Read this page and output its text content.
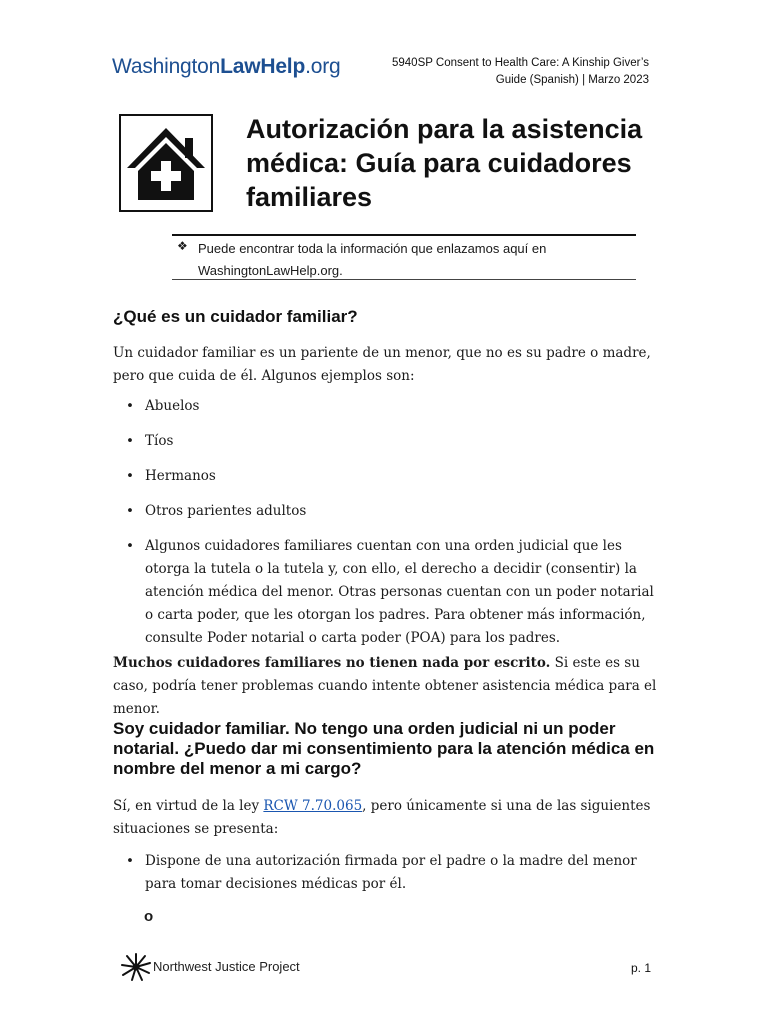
WashingtonLawHelp.org	5940SP Consent to Health Care: A Kinship Giver’s
Guide (Spanish) | Marzo 2023
Autorización para la asistencia médica: Guía para cuidadores familiares
❖ Puede encontrar toda la información que enlazamos aquí en WashingtonLawHelp.org.
¿Qué es un cuidador familiar?

Un cuidador familiar es un pariente de un menor, que no es su padre o madre, pero que cuida de él. Algunos ejemplos son:

• Abuelos
• Tíos
• Hermanos
• Otros parientes adultos
• Algunos cuidadores familiares cuentan con una orden judicial que les otorga la tutela o la tutela y, con ello, el derecho a decidir (consentir) la atención médica del menor. Otras personas cuentan con un poder notarial o carta poder, que les otorgan los padres. Para obtener más información, consulte Poder notarial o carta poder (POA) para los padres.

Muchos cuidadores familiares no tienen nada por escrito. Si este es su caso, podría tener problemas cuando intente obtener asistencia médica para el menor.

Soy cuidador familiar. No tengo una orden judicial ni un poder notarial. ¿Puedo dar mi consentimiento para la atención médica en nombre del menor a mi cargo?

Sí, en virtud de la ley RCW 7.70.065, pero únicamente si una de las siguientes situaciones se presenta:

• Dispone de una autorización firmada por el padre o la madre del menor para tomar decisiones médicas por él.
o
Northwest Justice Project	p. 1
